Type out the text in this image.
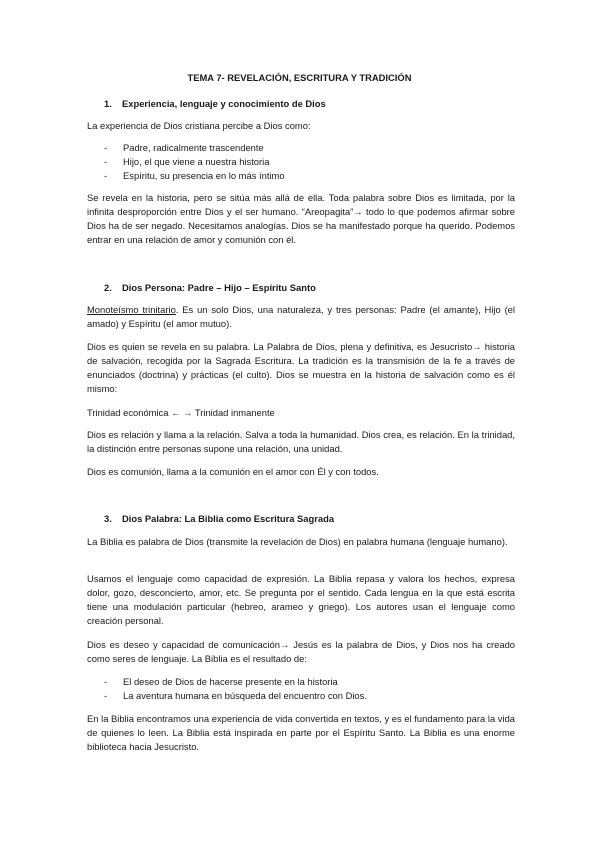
TEMA 7- REVELACIÓN, ESCRITURA Y TRADICIÓN
1. Experiencia, lenguaje y conocimiento de Dios
La experiencia de Dios cristiana percibe a Dios como:
- Padre, radicalmente trascendente
- Hijo, el que viene a nuestra historia
- Espíritu, su presencia en lo más íntimo
Se revela en la historia, pero se sitúa más allá de ella. Toda palabra sobre Dios es limitada, por la infinita desproporción entre Dios y el ser humano. “Areopagita”→ todo lo que podemos afirmar sobre Dios ha de ser negado. Necesitamos analogías. Dios se ha manifestado porque ha querido. Podemos entrar en una relación de amor y comunión con él.
2. Dios Persona: Padre – Hijo – Espíritu Santo
Monoteísmo trinitario. Es un solo Dios, una naturaleza, y tres personas: Padre (el amante), Hijo (el amado) y Espíritu (el amor mutuo).
Dios es quien se revela en su palabra. La Palabra de Dios, plena y definitiva, es Jesucristo→ historia de salvación, recogida por la Sagrada Escritura. La tradición es la transmisión de la fe a través de enunciados (doctrina) y prácticas (el culto). Dios se muestra en la historia de salvación como es él mismo:
Trinidad económica ← → Trinidad inmanente
Dios es relación y llama a la relación. Salva a toda la humanidad. Dios crea, es relación. En la trinidad, la distinción entre personas supone una relación, una unidad.
Dios es comunión, llama a la comunión en el amor con Él y con todos.
3. Dios Palabra: La Biblia como Escritura Sagrada
La Biblia es palabra de Dios (transmite la revelación de Dios) en palabra humana (lenguaje humano).
Usamos el lenguaje como capacidad de expresión. La Biblia repasa y valora los hechos, expresa dolor, gozo, desconcierto, amor, etc. Se pregunta por el sentido. Cada lengua en la que está escrita tiene una modulación particular (hebreo, arameo y griego). Los autores usan el lenguaje como creación personal.
Dios es deseo y capacidad de comunicación→ Jesús es la palabra de Dios, y Dios nos ha creado como seres de lenguaje. La Biblia es el resultado de:
- El deseo de Dios de hacerse presente en la historia
- La aventura humana en búsqueda del encuentro con Dios.
En la Biblia encontramos una experiencia de vida convertida en textos, y es el fundamento para la vida de quienes lo leen. La Biblia está inspirada en parte por el Espíritu Santo. La Biblia es una enorme biblioteca hacia Jesucristo.
